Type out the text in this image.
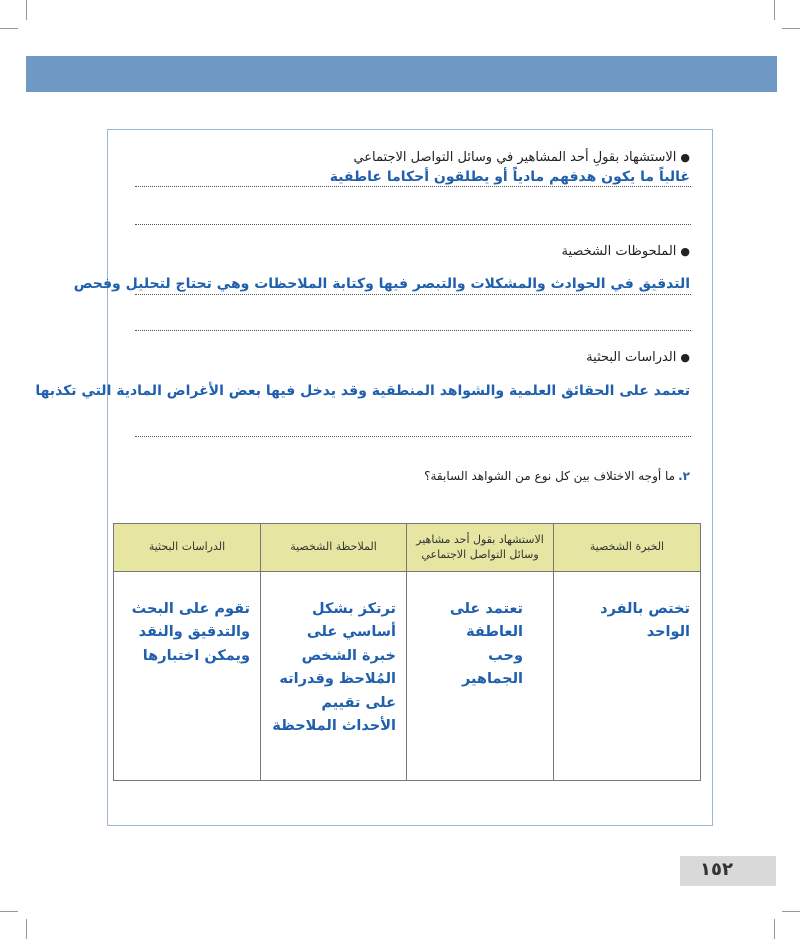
●الاستشهاد بقولِ أحد المشاهير في وسائل التواصل الاجتماعي
غالباً ما يكون هدفهم مادياً أو يطلقون أحكاما عاطفية
●الملحوظات الشخصية
التدقيق في الحوادث والمشكلات والتبصر فيها وكتابة الملاحظات وهي تحتاج لتحليل وفحص
●الدراسات البحثية
تعتمد على الحقائق العلمية والشواهد المنطقية وقد يدخل فيها بعض الأغراض المادية التي تكذبها
٢.ما أوجه الاختلاف بين كل نوع من الشواهد السابقة؟
الخبرة الشخصية	الاستشهاد بقول أحد مشاهير وسائل التواصل الاجتماعي	الملاحظة الشخصية	الدراسات البحثية

تختص بالفرد الواحد	تعتمد على العاطفة وحب الجماهير	ترتكز بشكل أساسي على خبرة الشخص المُلاحظ وقدراته على تقييم الأحداث الملاحظة	تقوم على البحث والتدقيق والنقد ويمكن اختبارها
١٥٢
